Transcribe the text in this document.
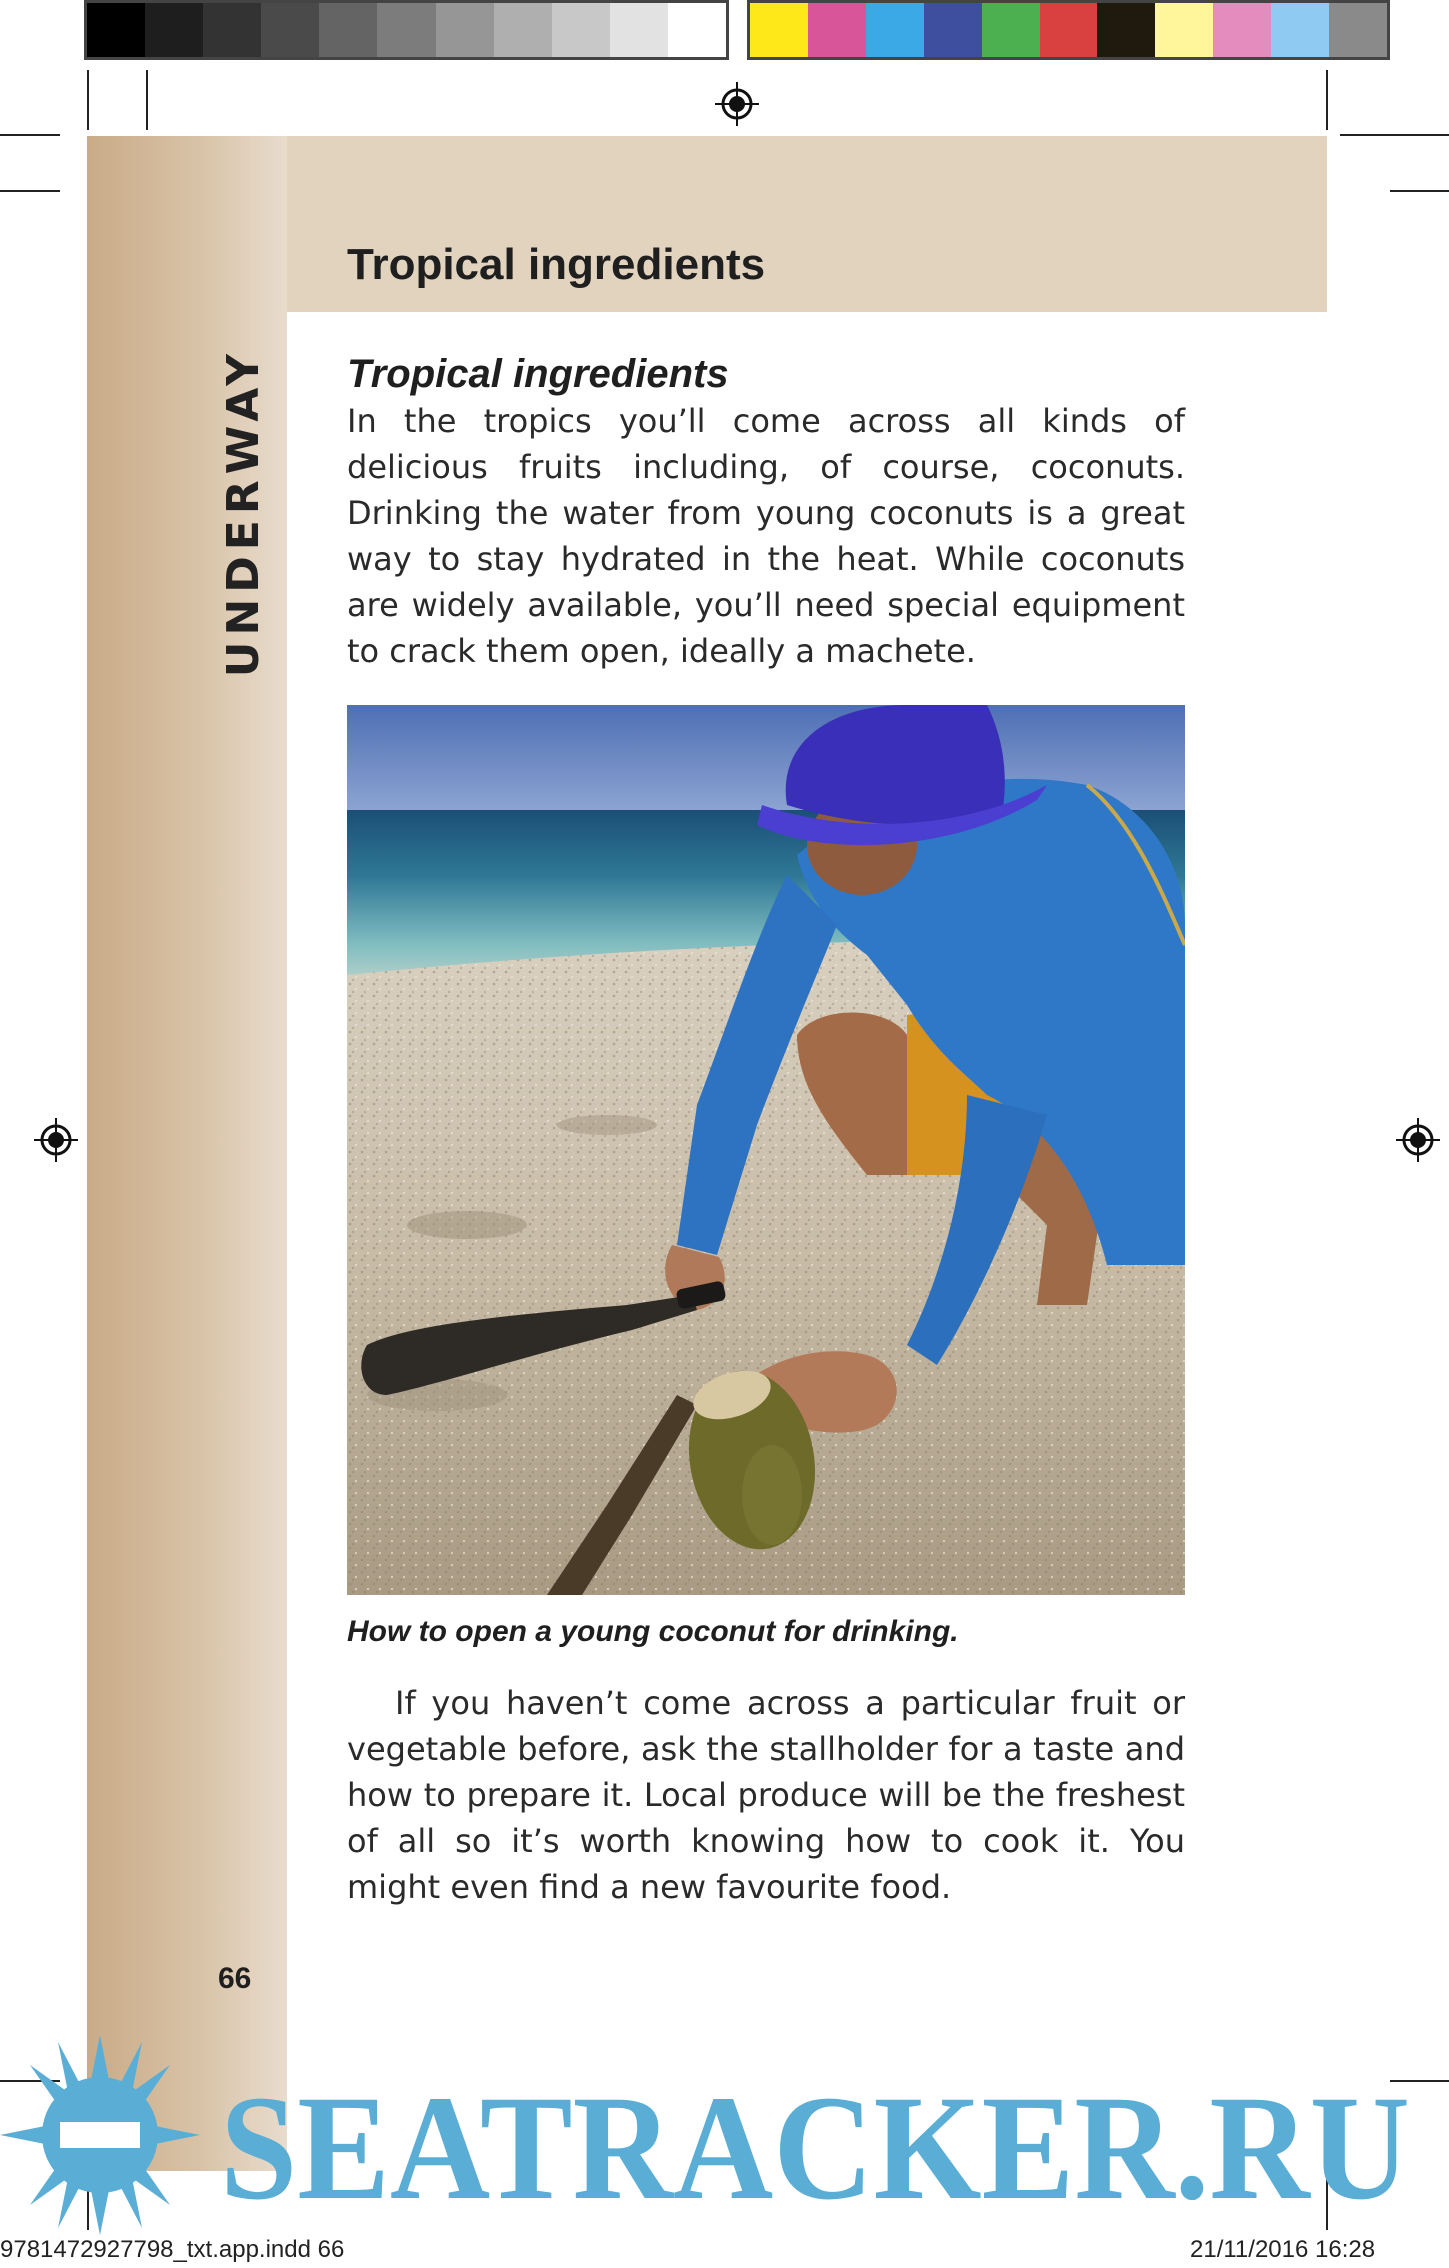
UNDERWAY
Tropical ingredients
Tropical ingredients

In the tropics you’ll come across all kinds of delicious fruits including, of course, coconuts. Drinking the water from young coconuts is a great way to stay hydrated in the heat. While coconuts are widely available, you’ll need special equipment to crack them open, ideally a machete.

How to open a young coconut for drinking.

If you haven’t come across a particular fruit or vegetable before, ask the stallholder for a taste and how to prepare it. Local produce will be the freshest of all so it’s worth knowing how to cook it. You might even find a new favourite food.

66
SEATRACKER.RU
9781472927798_txt.app.indd 66	21/11/2016 16:28
